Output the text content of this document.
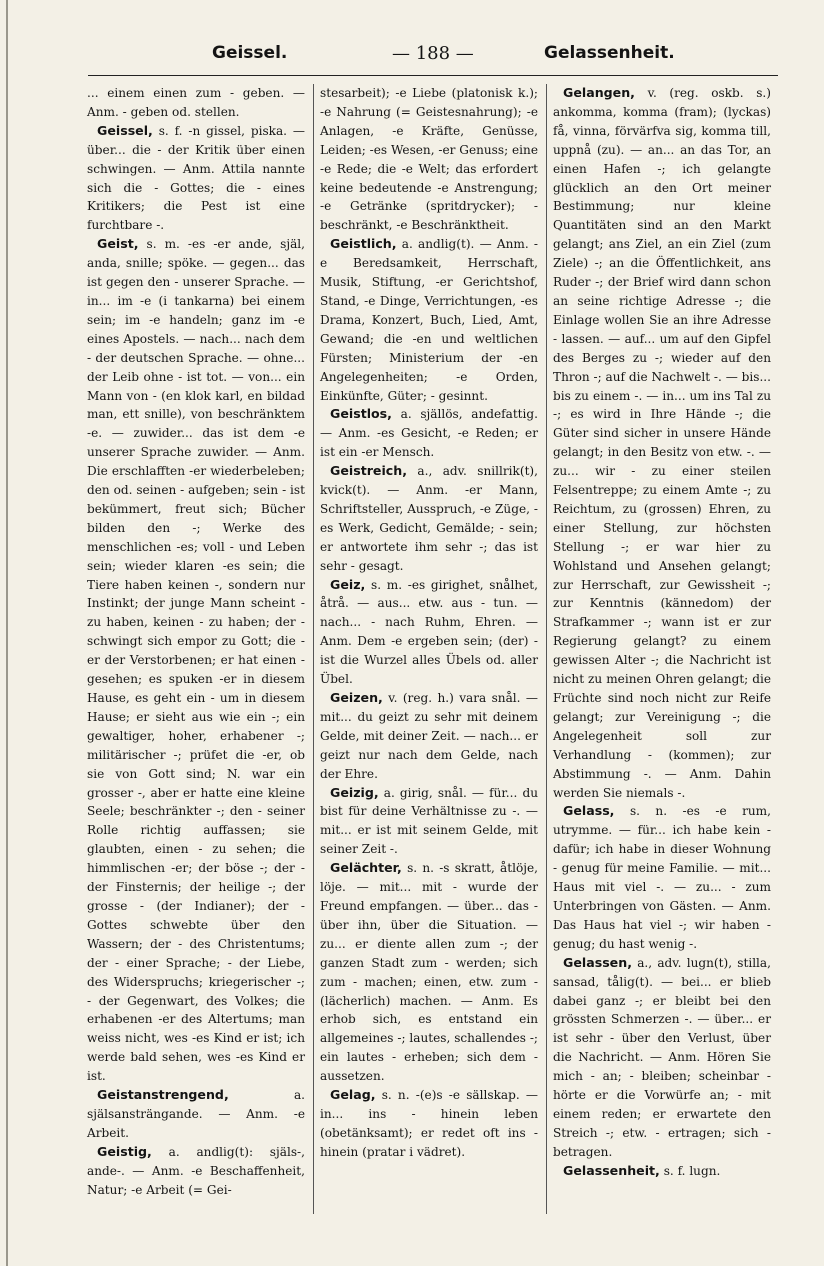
Geissel.	— 188 —	Gelassenheit.

... einem einen zum - geben. — Anm. - geben od. stellen.

Geissel, s. f. -n gissel, piska. — über... die - der Kritik über einen schwingen. — Anm. Attila nannte sich die - Gottes; die - eines Kritikers; die Pest ist eine furchtbare -.

Geist, s. m. -es -er ande, själ, anda, snille; spöke. — gegen... das ist gegen den - unserer Sprache. — in... im -e (i tankarna) bei einem sein; im -e handeln; ganz im -e eines Apostels. — nach... nach dem - der deutschen Sprache. — ohne... der Leib ohne - ist tot. — von... ein Mann von - (en klok karl, en bildad man, ett snille), von beschränktem -e. — zuwider... das ist dem -e unserer Sprache zuwider. — Anm. Die erschlafften -er wiederbeleben; den od. seinen - aufgeben; sein - ist bekümmert, freut sich; Bücher bilden den -; Werke des menschlichen -es; voll - und Leben sein; wieder klaren -es sein; die Tiere haben keinen -, sondern nur Instinkt; der junge Mann scheint - zu haben, keinen - zu haben; der - schwingt sich empor zu Gott; die -er der Verstorbenen; er hat einen - gesehen; es spuken -er in diesem Hause, es geht ein - um in diesem Hause; er sieht aus wie ein -; ein gewaltiger, hoher, erhabener -; militärischer -; prüfet die -er, ob sie von Gott sind; N. war ein grosser -, aber er hatte eine kleine Seele; beschränkter -; den - seiner Rolle richtig auffassen; sie glaubten, einen - zu sehen; die himmlischen -er; der böse -; der - der Finsternis; der heilige -; der grosse - (der Indianer); der - Gottes schwebte über den Wassern; der - des Christentums; der - einer Sprache; - der Liebe, des Widerspruchs; kriegerischer -; - der Gegenwart, des Volkes; die erhabenen -er des Altertums; man weiss nicht, wes -es Kind er ist; ich werde bald sehen, wes -es Kind er ist.

Geistanstrengend,	a. själsansträngande. — Anm. -e Arbeit.

Geistig, a. andlig(t): själs-, ande-. — Anm. -e Beschaffenheit, Natur; -e Arbeit (= Gei-

stesarbeit); -e Liebe (platonisk k.); -e Nahrung (= Geistesnahrung); -e Anlagen, -e Kräfte, Genüsse, Leiden; -es Wesen, -er Genuss; eine -e Rede; die -e Welt; das erfordert keine bedeutende -e Anstrengung; -e Getränke (spritdrycker); - beschränkt, -e Beschränktheit.

Geistlich, a. andlig(t). — Anm. -e Beredsamkeit, Herrschaft, Musik, Stiftung, -er Gerichtshof, Stand, -e Dinge, Verrichtungen, -es Drama, Konzert, Buch, Lied, Amt, Gewand; die -en und weltlichen Fürsten; Ministerium der -en Angelegenheiten; -e Orden, Einkünfte, Güter; - gesinnt.

Geistlos, a. själlös, andefattig. — Anm. -es Gesicht, -e Reden; er ist ein -er Mensch.

Geistreich, a., adv. snillrik(t), kvick(t). — Anm. -er Mann, Schriftsteller, Ausspruch, -e Züge, -es Werk, Gedicht, Gemälde; - sein; er antwortete ihm sehr -; das ist sehr - gesagt.

Geiz, s. m. -es girighet, snålhet, åtrå. — aus... etw. aus - tun. — nach... - nach Ruhm, Ehren. — Anm. Dem -e ergeben sein; (der) - ist die Wurzel alles Übels od. aller Übel.

Geizen, v. (reg. h.) vara snål. — mit... du geizt zu sehr mit deinem Gelde, mit deiner Zeit. — nach... er geizt nur nach dem Gelde, nach der Ehre.

Geizig, a. girig, snål. — für... du bist für deine Verhältnisse zu -. — mit... er ist mit seinem Gelde, mit seiner Zeit -.

Gelächter, s. n. -s skratt, åtlöje, löje. — mit... mit - wurde der Freund empfangen. — über... das - über ihn, über die Situation. — zu... er diente allen zum -; der ganzen Stadt zum - werden; sich zum - machen; einen, etw. zum - (lächerlich) machen. — Anm. Es erhob sich, es entstand ein allgemeines -; lautes, schallendes -; ein lautes - erheben; sich dem - aussetzen.

Gelag, s. n. -(e)s -e sällskap. — in... ins - hinein leben (obetänksamt); er redet oft ins - hinein (pratar i vädret).

Gelangen, v. (reg. oskb. s.) ankomma, komma (fram); (lyckas) få, vinna, förvärfva sig, komma till, uppnå (zu). — an... an das Tor, an einen Hafen -; ich gelangte glücklich an den Ort meiner Bestimmung; nur kleine Quantitäten sind an den Markt gelangt; ans Ziel, an ein Ziel (zum Ziele) -; an die Öffentlichkeit, ans Ruder -; der Brief wird dann schon an seine richtige Adresse -; die Einlage wollen Sie an ihre Adresse - lassen. — auf... um auf den Gipfel des Berges zu -; wieder auf den Thron -; auf die Nachwelt -. — bis... bis zu einem -. — in... um ins Tal zu -; es wird in Ihre Hände -; die Güter sind sicher in unsere Hände gelangt; in den Besitz von etw. -. — zu... wir - zu einer steilen Felsentreppe; zu einem Amte -; zu Reichtum, zu (grossen) Ehren, zu einer Stellung, zur höchsten Stellung -; er war hier zu Wohlstand und Ansehen gelangt; zur Herrschaft, zur Gewissheit -; zur Kenntnis (kännedom) der Strafkammer -; wann ist er zur Regierung gelangt? zu einem gewissen Alter -; die Nachricht ist nicht zu meinen Ohren gelangt; die Früchte sind noch nicht zur Reife gelangt; zur Vereinigung -; die Angelegenheit soll zur Verhandlung - (kommen); zur Abstimmung -. — Anm. Dahin werden Sie niemals -.

Gelass, s. n. -es -e rum, utrymme. — für... ich habe kein - dafür; ich habe in dieser Wohnung - genug für meine Familie. — mit... Haus mit viel -. — zu... - zum Unterbringen von Gästen. — Anm. Das Haus hat viel -; wir haben - genug; du hast wenig -.

Gelassen, a., adv. lugn(t), stilla, sansad, tålig(t). — bei... er blieb dabei ganz -; er bleibt bei den grössten Schmerzen -. — über... er ist sehr - über den Verlust, über die Nachricht. — Anm. Hören Sie mich - an; - bleiben; scheinbar - hörte er die Vorwürfe an; - mit einem reden; er erwartete den Streich -; etw. - ertragen; sich - betragen.

Gelassenheit, s. f. lugn.
